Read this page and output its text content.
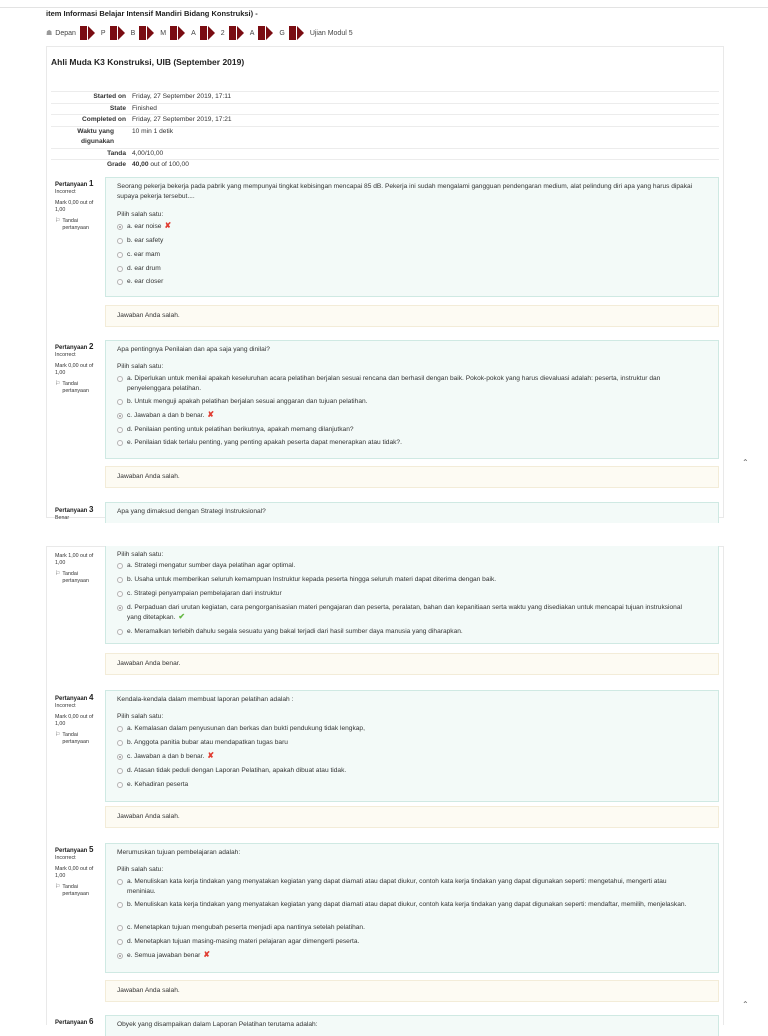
item Informasi Belajar Intensif Mandiri Bidang Konstruksi) -
☗ Depan	P	B	M	A	2	A	G	Ujian Modul 5
Ahli Muda K3 Konstruksi, UIB (September 2019)
Started on Friday, 27 September 2019, 17:11
State Finished
Completed on Friday, 27 September 2019, 17:21
Waktu yang digunakan
10 min 1 detik
Tanda 4,00/10,00
Grade 40,00 out of 100,00
Pertanyaan 1
Incorrect
Mark 0,00 out of 1,00
⚐ Tandai pertanyaan
Seorang pekerja bekerja pada pabrik yang mempunyai tingkat kebisingan mencapai 85 dB. Pekerja ini sudah mengalami gangguan pendengaran medium, alat pelindung diri apa yang harus dipakai supaya pekerja tersebut....
Pilih salah satu:
a. ear noise ✘
b. ear safety
c. ear mam
d. ear drum
e. ear closer
Jawaban Anda salah.
Pertanyaan 2
Incorrect
Mark 0,00 out of 1,00
⚐ Tandai pertanyaan
Apa pentingnya Penilaian dan apa saja yang dinilai?
Pilih salah satu:
a. Diperlukan untuk menilai apakah keseluruhan acara pelatihan berjalan sesuai rencana dan berhasil dengan baik. Pokok-pokok yang harus dievaluasi adalah: peserta, instruktur dan penyelenggara pelatihan.
b. Untuk menguji apakah pelatihan berjalan sesuai anggaran dan tujuan pelatihan.
c. Jawaban a dan b benar. ✘
d. Penilaian penting untuk pelatihan berikutnya, apakah memang dilanjutkan?
e. Penilaian tidak terlalu penting, yang penting apakah peserta dapat menerapkan atau tidak?.
Jawaban Anda salah.
Pertanyaan 3
Benar
Apa yang dimaksud dengan Strategi Instruksional?
⌃
Mark 1,00 out of 1,00
⚐ Tandai pertanyaan
Pilih salah satu:
a. Strategi mengatur sumber daya pelatihan agar optimal.
b. Usaha untuk memberikan seluruh kemampuan Instruktur kepada peserta hingga seluruh materi dapat diterima dengan baik.
c. Strategi penyampaian pembelajaran dari instruktur
d. Perpaduan dari urutan kegiatan, cara pengorganisasian materi pengajaran dan peserta, peralatan, bahan dan kepanitiaan serta waktu yang disediakan untuk mencapai tujuan instruksional yang ditetapkan. ✔
e. Meramalkan terlebih dahulu segala sesuatu yang bakal terjadi dari hasil sumber daya manusia yang diharapkan.
Jawaban Anda benar.
Pertanyaan 4
Incorrect
Mark 0,00 out of 1,00
⚐ Tandai pertanyaan
Kendala-kendala dalam membuat laporan pelatihan adalah :
Pilih salah satu:
a. Kemalasan dalam penyusunan dan berkas dan bukti pendukung tidak lengkap,
b. Anggota panitia bubar atau mendapatkan tugas baru
c. Jawaban a dan b benar. ✘
d. Atasan tidak peduli dengan Laporan Pelatihan, apakah dibuat atau tidak.
e. Kehadiran peserta
Jawaban Anda salah.
Pertanyaan 5
Incorrect
Mark 0,00 out of 1,00
⚐ Tandai pertanyaan
Merumuskan tujuan pembelajaran adalah:
Pilih salah satu:
a. Menuliskan kata kerja tindakan yang menyatakan kegiatan yang dapat diamati atau dapat diukur, contoh kata kerja tindakan yang dapat digunakan seperti: mengetahui, mengerti atau meniniau.
b. Menuliskan kata kerja tindakan yang menyatakan kegiatan yang dapat diamati atau dapat diukur, contoh kata kerja tindakan yang dapat digunakan seperti: mendaftar, memilih, menjelaskan.
c. Menetapkan tujuan mengubah peserta menjadi apa nantinya setelah pelatihan.
d. Menetapkan tujuan masing-masing materi pelajaran agar dimengerti peserta.
e. Semua jawaban benar ✘
Jawaban Anda salah.
Pertanyaan 6	Obyek yang disampaikan dalam Laporan Pelatihan terutama adalah:
⌃
